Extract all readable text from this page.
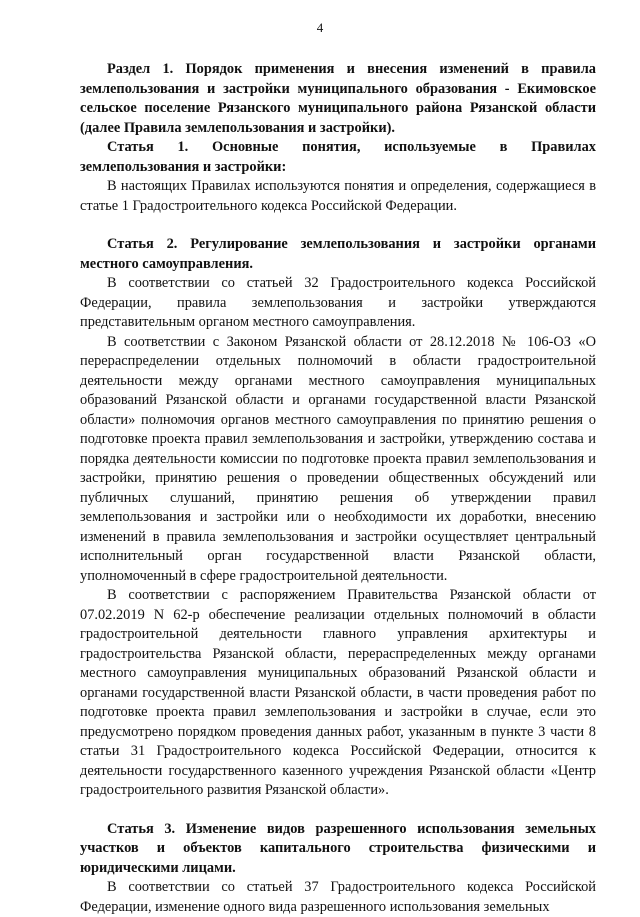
4

Раздел 1. Порядок применения и внесения изменений в правила землепользования и застройки муниципального образования - Екимовское сельское поселение Рязанского муниципального района Рязанской области (далее Правила землепользования и застройки).

Статья 1. Основные понятия, используемые в Правилах землепользования и застройки:

В настоящих Правилах используются понятия и определения, содержащиеся в статье 1 Градостроительного кодекса Российской Федерации.

Статья 2. Регулирование землепользования и застройки органами местного самоуправления.

В соответствии со статьей 32 Градостроительного кодекса Российской Федерации, правила землепользования и застройки утверждаются представительным органом местного самоуправления.

В соответствии с Законом Рязанской области от 28.12.2018 № 106-ОЗ «О перераспределении отдельных полномочий в области градостроительной деятельности между органами местного самоуправления муниципальных образований Рязанской области и органами государственной власти Рязанской области» полномочия органов местного самоуправления по принятию решения о подготовке проекта правил землепользования и застройки, утверждению состава и порядка деятельности комиссии по подготовке проекта правил землепользования и застройки, принятию решения о проведении общественных обсуждений или публичных слушаний, принятию решения об утверждении правил землепользования и застройки или о необходимости их доработки, внесению изменений в правила землепользования и застройки осуществляет центральный исполнительный орган государственной власти Рязанской области, уполномоченный в сфере градостроительной деятельности.

В соответствии с распоряжением Правительства Рязанской области от 07.02.2019 N 62-р обеспечение реализации отдельных полномочий в области градостроительной деятельности главного управления архитектуры и градостроительства Рязанской области, перераспределенных между органами местного самоуправления муниципальных образований Рязанской области и органами государственной власти Рязанской области, в части проведения работ по подготовке проекта правил землепользования и застройки в случае, если это предусмотрено порядком проведения данных работ, указанным в пункте 3 части 8 статьи 31 Градостроительного кодекса Российской Федерации, относится к деятельности государственного казенного учреждения Рязанской области «Центр градостроительного развития Рязанской области».

Статья 3. Изменение видов разрешенного использования земельных участков и объектов капитального строительства физическими и юридическими лицами.

В соответствии со статьей 37 Градостроительного кодекса Российской Федерации, изменение одного вида разрешенного использования земельных
